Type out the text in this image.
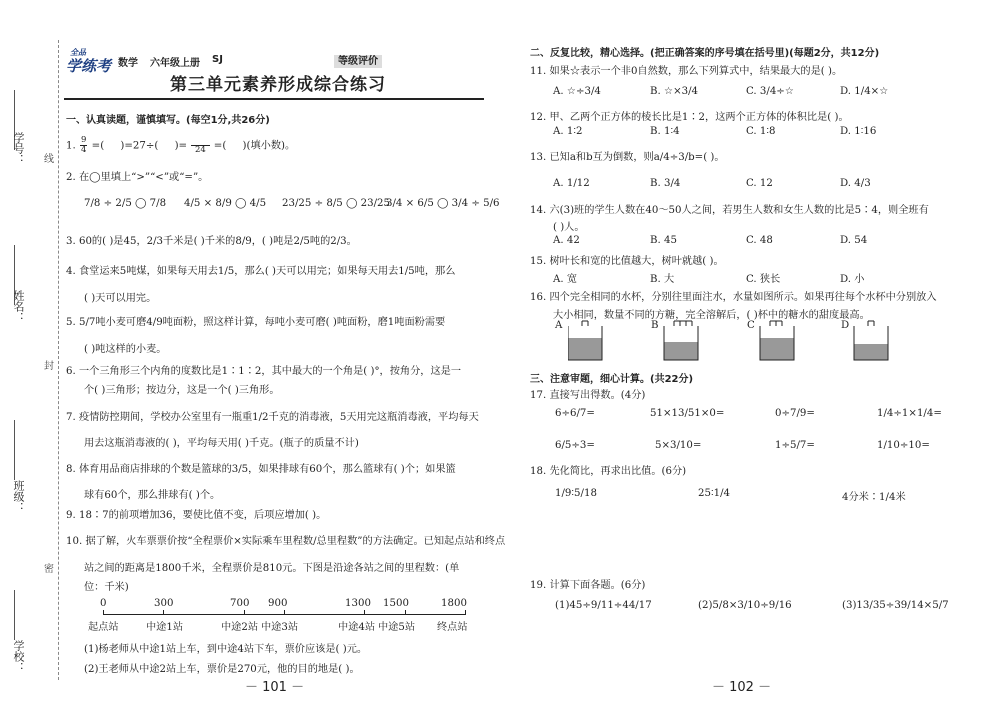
学号：
姓名：
班级：
学校：
线
封
密
全品
学练考 数学 六年级上册 SJ	等级评价
第三单元素养形成综合练习
一、认真读题，谨慎填写。(每空1分,共26分)
1. $\frac{9}{4}$ =( )=27÷( )=
24 =( )(填小数)。
2. 在◯里填上“>”“<”或“=”。
7/8 ÷ 2/5 ◯ 7/8 4/5 × 8/9 ◯ 4/5 23/25 ÷ 8/5 ◯ 23/25
3/4 × 6/5 ◯ 3/4 ÷ 5/6
3. 60的( )是45，2/3千米是( )千米的8/9，( )吨是2/5吨的2/3。
4. 食堂运来5吨煤，如果每天用去1/5，那么( )天可以用完；如果每天用去1/5吨，那么
( )天可以用完。
5. 5/7吨小麦可磨4/9吨面粉，照这样计算，每吨小麦可磨( )吨面粉，磨1吨面粉需要
( )吨这样的小麦。
6. 一个三角形三个内角的度数比是1∶1∶2，其中最大的一个角是( )°，按角分，这是一
个( )三角形；按边分，这是一个( )三角形。
7. 疫情防控期间，学校办公室里有一瓶重1/2千克的消毒液，5天用完这瓶消毒液，平均每天
用去这瓶消毒液的( )，平均每天用( )千克。(瓶子的质量不计)
8. 体育用品商店排球的个数是篮球的3/5，如果排球有60个，那么篮球有( )个；如果篮
球有60个，那么排球有( )个。
9. 18∶7的前项增加36，要使比值不变，后项应增加( )。
10. 据了解，火车票票价按“全程票价×实际乘车里程数/总里程数”的方法确定。已知起点站和终点
站之间的距离是1800千米，全程票价是810元。下图是沿途各站之间的里程数：(单
位：千米)
0	300	700 900	1300 1500	1800
起点站	中途1站	中途2站 中途3站	中途4站 中途5站 终点站
(1)杨老师从中途1站上车，到中途4站下车，票价应该是( )元。
(2)王老师从中途2站上车，票价是270元，他的目的地是( )。
－ 101 －
二、反复比较，精心选择。(把正确答案的序号填在括号里)(每题2分，共12分)
11. 如果☆表示一个非0自然数，那么下列算式中，结果最大的是( )。
A. ☆÷3/4	B. ☆×3/4	C. 3/4÷☆	D. 1/4×☆
12. 甲、乙两个正方体的棱长比是1∶2，这两个正方体的体积比是( )。
A. 1∶2	B. 1∶4	C. 1∶8	D. 1∶16
13. 已知a和b互为倒数，则a/4÷3/b=( )。
A. 1/12	B. 3/4	C. 12	D. 4/3
14. 六(3)班的学生人数在40～50人之间，若男生人数和女生人数的比是5∶4，则全班有
( )人。
A. 42	B. 45	C. 48	D. 54
15. 树叶长和宽的比值越大，树叶就越( )。
A. 宽	B. 大	C. 狭长	D. 小
16. 四个完全相同的水杯，分别往里面注水，水量如图所示。如果再往每个水杯中分别放入
大小相同，数量不同的方糖，完全溶解后，( )杯中的糖水的甜度最高。
A	B	C	D
三、注意审题，细心计算。(共22分)
17. 直接写出得数。(4分)
6÷6/7=	51×13/51×0=	0÷7/9=	1/4÷1×1/4=
6/5÷3=	5×3/10=	1÷5/7=	1/10÷10=
18. 先化简比，再求出比值。(6分)
1/9∶5/18	25∶1/4	4分米∶1/4米
19. 计算下面各题。(6分)
(1)45÷9/11÷44/17	(2)5/8×3/10÷9/16	(3)13/35÷39/14×5/7
－ 102 －
